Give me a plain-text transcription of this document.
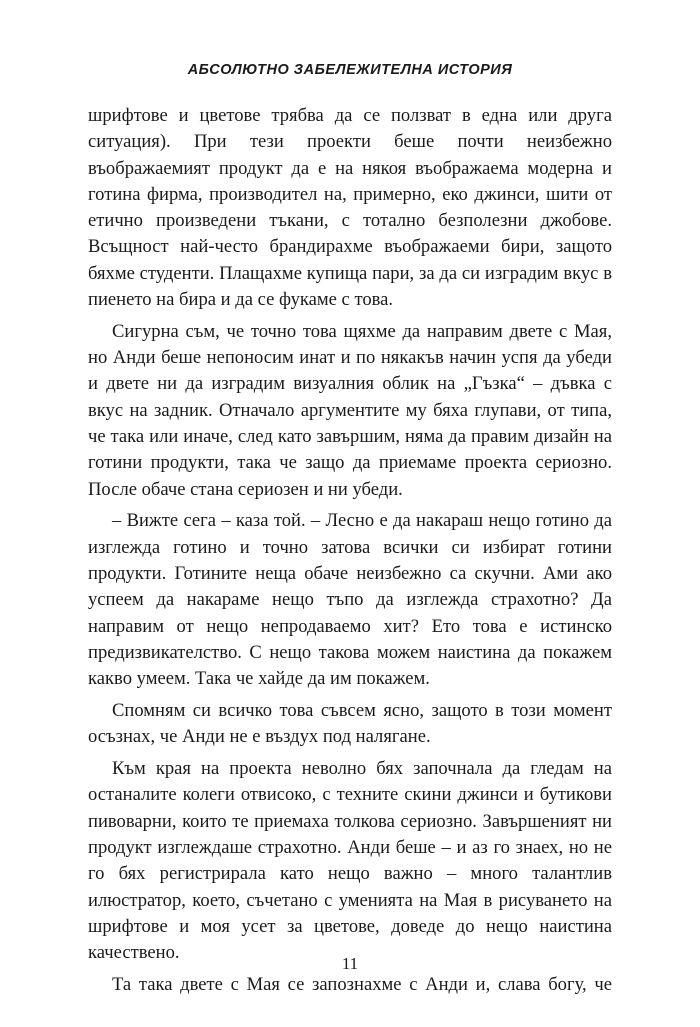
АБСОЛЮТНО ЗАБЕЛЕЖИТЕЛНА ИСТОРИЯ

шрифтове и цветове трябва да се ползват в една или друга ситуация). При тези проекти беше почти неизбежно въображаемият продукт да е на някоя въображаема модерна и готина фирма, производител на, примерно, еко джинси, шити от етично произведени тъкани, с тотално безполезни джобове. Всъщност най-често брандирахме въображаеми бири, защото бяхме студенти. Плащахме купища пари, за да си изградим вкус в пиенето на бира и да се фукаме с това.

Сигурна съм, че точно това щяхме да направим двете с Мая, но Анди беше непоносим инат и по някакъв начин успя да убеди и двете ни да изградим визуалния облик на „Гъзка“ – дъвка с вкус на задник. Отначало аргументите му бяха глупави, от типа, че така или иначе, след като завършим, няма да правим дизайн на готини продукти, така че защо да приемаме проекта сериозно. После обаче стана сериозен и ни убеди.

– Вижте сега – каза той. – Лесно е да накараш нещо готино да изглежда готино и точно затова всички си избират готини продукти. Готините неща обаче неизбежно са скучни. Ами ако успеем да накараме нещо тъпо да изглежда страхотно? Да направим от нещо непродаваемо хит? Ето това е истинско предизвикателство. С нещо такова можем наистина да покажем какво умеем. Така че хайде да им покажем.

Спомням си всичко това съвсем ясно, защото в този момент осъзнах, че Анди не е въздух под налягане.

Към края на проекта неволно бях започнала да гледам на останалите колеги отвисоко, с техните скини джинси и бутикови пивоварни, които те приемаха толкова сериозно. Завършеният ни продукт изглеждаше страхотно. Анди беше – и аз го знаех, но не го бях регистрирала като нещо важно – много талантлив илюстратор, което, съчетано с уменията на Мая в рисуването на шрифтове и моя усет за цветове, доведе до нещо наистина качествено.

Та така двете с Мая се запознахме с Анди и, слава богу, че

11
